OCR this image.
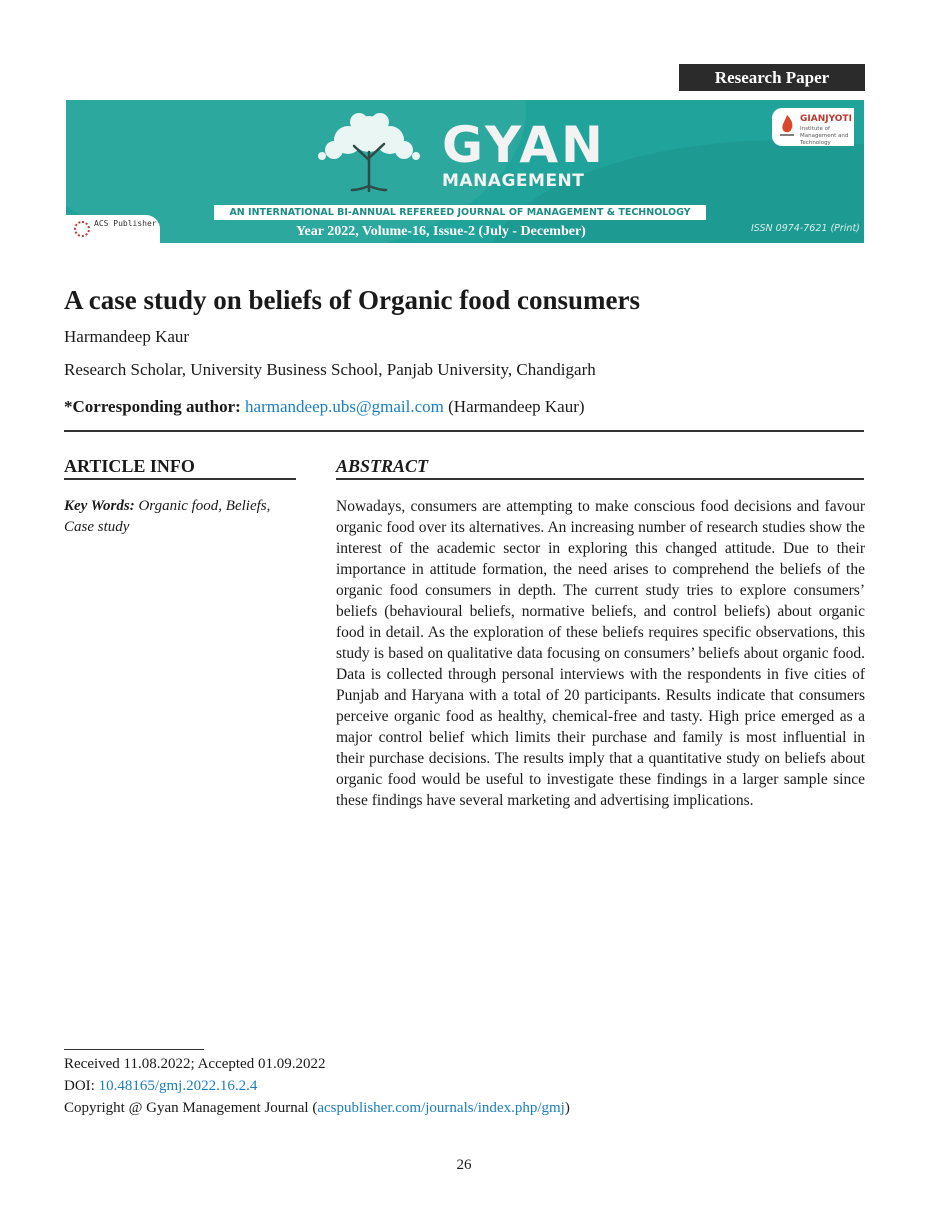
Research Paper
GYAN
MANAGEMENT
AN INTERNATIONAL BI-ANNUAL REFEREED JOURNAL OF MANAGEMENT & TECHNOLOGY
Year 2022, Volume-16, Issue-2 (July - December)	ISSN 0974-7621 (Print)
ACS Publisher
GIANJYOTI
Institute of Management and Technology
A case study on beliefs of Organic food consumers
Harmandeep Kaur
Research Scholar, University Business School, Panjab University, Chandigarh
*Corresponding author: harmandeep.ubs@gmail.com (Harmandeep Kaur)
ARTICLE INFO
Key Words: Organic food, Beliefs, Case study
ABSTRACT
Nowadays, consumers are attempting to make conscious food decisions and favour organic food over its alternatives. An increasing number of research studies show the interest of the academic sector in exploring this changed attitude. Due to their importance in attitude formation, the need arises to comprehend the beliefs of the organic food consumers in depth. The current study tries to explore consumers’ beliefs (behavioural beliefs, normative beliefs, and control beliefs) about organic food in detail. As the exploration of these beliefs requires specific observations, this study is based on qualitative data focusing on consumers’ beliefs about organic food. Data is collected through personal interviews with the respondents in five cities of Punjab and Haryana with a total of 20 participants. Results indicate that consumers perceive organic food as healthy, chemical-free and tasty. High price emerged as a major control belief which limits their purchase and family is most influential in their purchase decisions. The results imply that a quantitative study on beliefs about organic food would be useful to investigate these findings in a larger sample since these findings have several marketing and advertising implications.
Received 11.08.2022; Accepted 01.09.2022
DOI: 10.48165/gmj.2022.16.2.4
Copyright @ Gyan Management Journal (acspublisher.com/journals/index.php/gmj)
26
